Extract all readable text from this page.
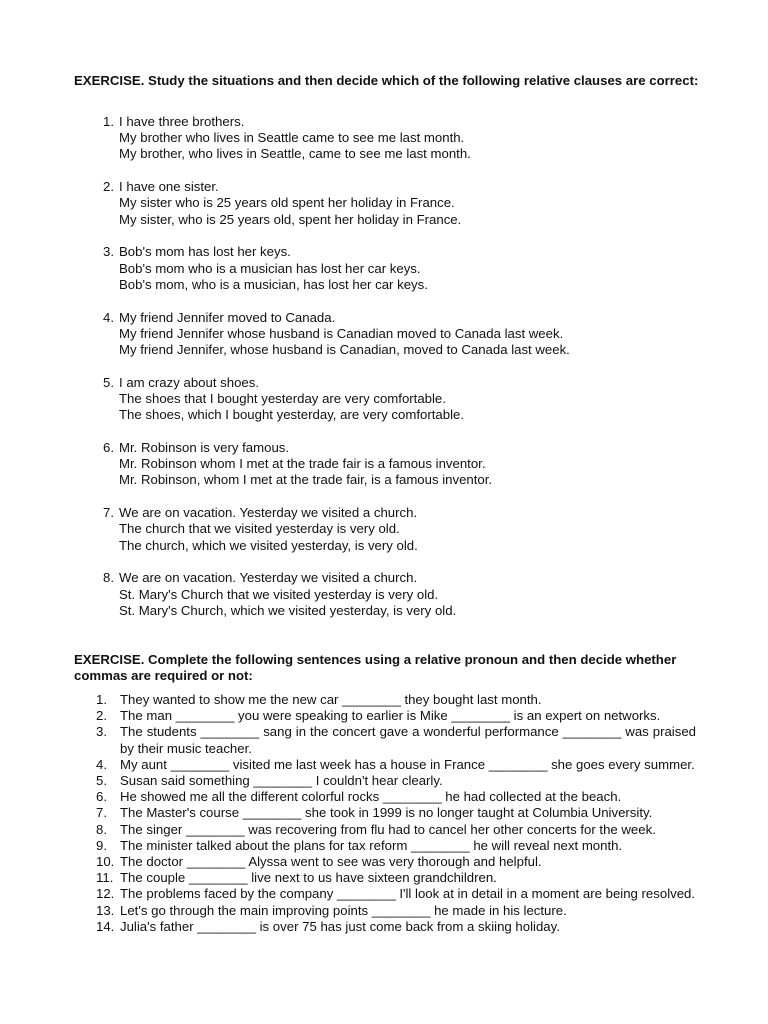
EXERCISE. Study the situations and then decide which of the following relative clauses are correct:
1. I have three brothers.
My brother who lives in Seattle came to see me last month.
My brother, who lives in Seattle, came to see me last month.
2. I have one sister.
My sister who is 25 years old spent her holiday in France.
My sister, who is 25 years old, spent her holiday in France.
3. Bob's mom has lost her keys.
Bob's mom who is a musician has lost her car keys.
Bob's mom, who is a musician, has lost her car keys.
4. My friend Jennifer moved to Canada.
My friend Jennifer whose husband is Canadian moved to Canada last week.
My friend Jennifer, whose husband is Canadian, moved to Canada last week.
5. I am crazy about shoes.
The shoes that I bought yesterday are very comfortable.
The shoes, which I bought yesterday, are very comfortable.
6. Mr. Robinson is very famous.
Mr. Robinson whom I met at the trade fair is a famous inventor.
Mr. Robinson, whom I met at the trade fair, is a famous inventor.
7. We are on vacation. Yesterday we visited a church.
The church that we visited yesterday is very old.
The church, which we visited yesterday, is very old.
8. We are on vacation. Yesterday we visited a church.
St. Mary's Church that we visited yesterday is very old.
St. Mary's Church, which we visited yesterday, is very old.
EXERCISE. Complete the following sentences using a relative pronoun and then decide whether commas are required or not:
1. They wanted to show me the new car ________ they bought last month.
2. The man ________ you were speaking to earlier is Mike ________ is an expert on networks.
3. The students ________ sang in the concert gave a wonderful performance ________ was praised by their music teacher.
4. My aunt ________ visited me last week has a house in France ________ she goes every summer.
5. Susan said something ________ I couldn't hear clearly.
6. He showed me all the different colorful rocks ________ he had collected at the beach.
7. The Master's course ________ she took in 1999 is no longer taught at Columbia University.
8. The singer ________ was recovering from flu had to cancel her other concerts for the week.
9. The minister talked about the plans for tax reform ________ he will reveal next month.
10. The doctor ________ Alyssa went to see was very thorough and helpful.
11. The couple ________ live next to us have sixteen grandchildren.
12. The problems faced by the company ________ I'll look at in detail in a moment are being resolved.
13. Let's go through the main improving points ________ he made in his lecture.
14. Julia's father ________ is over 75 has just come back from a skiing holiday.
